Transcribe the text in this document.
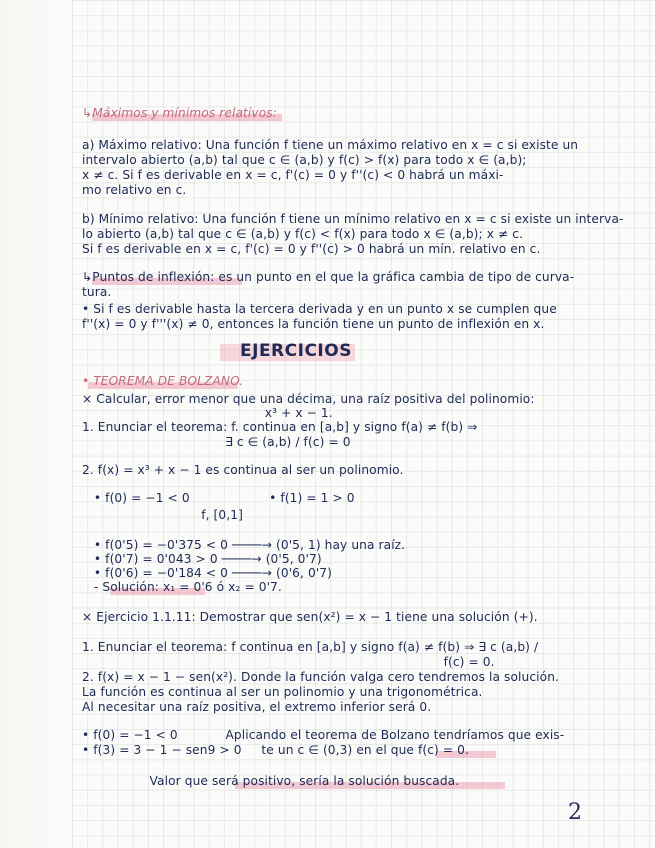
EJERCICIOS
↳Máximos y mínimos relativos:
a) Máximo relativo: Una función f tiene un máximo relativo en x = c si existe un
intervalo abierto (a,b) tal que c ∈ (a,b) y f(c) > f(x) para todo x ∈ (a,b);
x ≠ c. Si f es derivable en x = c, f'(c) = 0 y f''(c) < 0 habrá un máxi-
mo relativo en c.
b) Mínimo relativo: Una función f tiene un mínimo relativo en x = c si existe un interva-
lo abierto (a,b) tal que c ∈ (a,b) y f(c) < f(x) para todo x ∈ (a,b); x ≠ c.
Si f es derivable en x = c, f'(c) = 0 y f''(c) > 0 habrá un mín. relativo en c.
↳Puntos de inflexión: es un punto en el que la gráfica cambia de tipo de curva-
tura.
• Si f es derivable hasta la tercera derivada y en un punto x se cumplen que
f''(x) = 0 y f'''(x) ≠ 0, entonces la función tiene un punto de inflexión en x.
• TEOREMA DE BOLZANO.
× Calcular, error menor que una décima, una raíz positiva del polinomio:
x³ + x − 1.
1. Enunciar el teorema: f. continua en [a,b] y signo f(a) ≠ f(b) ⇒
∃ c ∈ (a,b) / f(c) = 0
2. f(x) = x³ + x − 1 es continua al ser un polinomio.
• f(0) = −1 < 0                    • f(1) = 1 > 0
f, [0,1]
• f(0'5) = −0'375 < 0 ────→ (0'5, 1) hay una raíz.
• f(0'7) = 0'043 > 0 ────→ (0'5, 0'7)
• f(0'6) = −0'184 < 0 ────→ (0'6, 0'7)
- Solución: x₁ = 0'6 ó x₂ = 0'7.
× Ejercicio 1.1.11: Demostrar que sen(x²) = x − 1 tiene una solución (+).
1. Enunciar el teorema: f continua en [a,b] y signo f(a) ≠ f(b) ⇒ ∃ c (a,b) /
f(c) = 0.
2. f(x) = x − 1 − sen(x²). Donde la función valga cero tendremos la solución.
La función es continua al ser un polinomio y una trigonométrica.
Al necesitar una raíz positiva, el extremo inferior será 0.
• f(0) = −1 < 0            Aplicando el teorema de Bolzano tendríamos que exis-
• f(3) = 3 − 1 − sen9 > 0     te un c ∈ (0,3) en el que f(c) = 0.
Valor que será positivo, sería la solución buscada.
2
